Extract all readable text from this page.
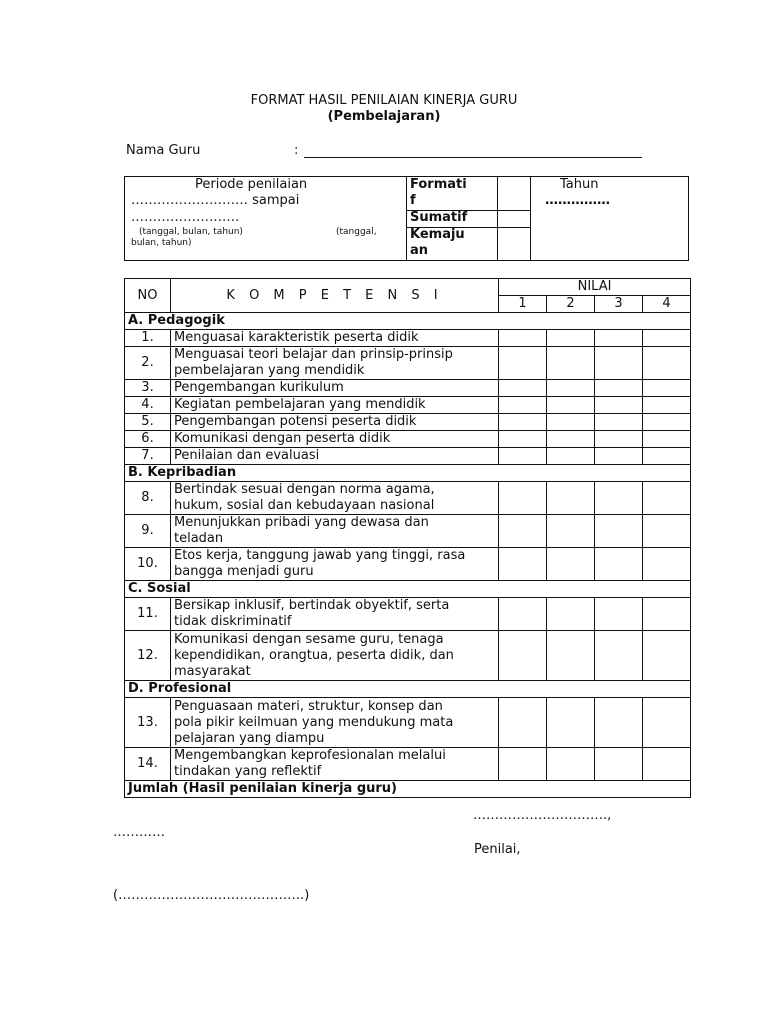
FORMAT HASIL PENILAIAN KINERJA GURU
(Pembelajaran)
Nama Guru	:
Periode penilaian
……………………… sampai
…………………….
(tanggal, bulan, tahun)	(tanggal,
bulan, tahun)
Formati
f
Sumatif
Kemaju
an
Tahun
……………
NO	K O M P E T E N S I	NILAI			
		1	2	3	4
A. Pedagogik					
1.	Menguasai karakteristik peserta didik				
2.	Menguasai teori belajar dan prinsip-prinsip
pembelajaran yang mendidik				
3.	Pengembangan kurikulum				
4.	Kegiatan pembelajaran yang mendidik				
5.	Pengembangan potensi peserta didik				
6.	Komunikasi dengan peserta didik				
7.	Penilaian dan evaluasi				
B. Kepribadian					
8.	Bertindak sesuai dengan norma agama,
hukum, sosial dan kebudayaan nasional				
9.	Menunjukkan pribadi yang dewasa dan
teladan				
10.	Etos kerja, tanggung jawab yang tinggi, rasa
bangga menjadi guru				
C. Sosial					
11.	Bersikap inklusif, bertindak obyektif, serta
tidak diskriminatif				
12.	Komunikasi dengan sesame guru, tenaga
kependidikan, orangtua, peserta didik, dan
masyarakat				
D. Profesional					
13.	Penguasaan materi, struktur, konsep dan
pola pikir keilmuan yang mendukung mata
pelajaran yang diampu				
14.	Mengembangkan keprofesionalan melalui
tindakan yang reflektif				
Jumlah (Hasil penilaian kinerja guru)					
………………………….,
…………
Penilai,
(…………………………………….)
